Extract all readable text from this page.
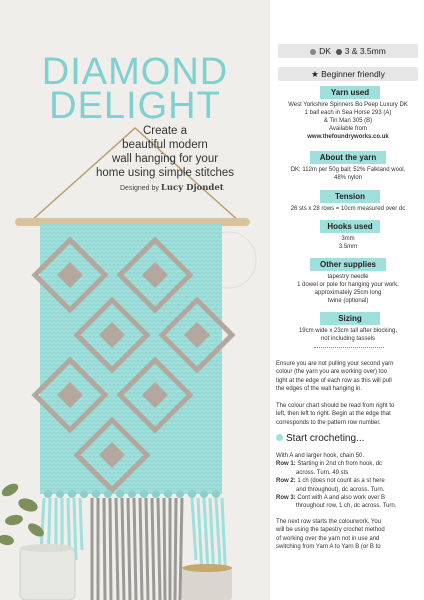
DIAMOND
DELIGHT
Create a
beautiful modern
wall hanging for your
home using simple stitches
Designed by Lucy Djondet
DK 3 & 3.5mm
★ Beginner friendly
Yarn used
West Yorkshire Spinners Bo Peep Luxury DK
1 ball each in Sea Horse 293 (A)
& Tin Man 305 (B)
Available from
www.thefoundryworks.co.uk
About the yarn
DK; 112m per 50g ball; 52% Falkland wool,
48% nylon
Tension
26 sts x 28 rows = 10cm measured over dc
Hooks used
3mm
3.5mm
Other supplies
tapestry needle
1 dowel or pole for hanging your work,
approximately 25cm long
twine (optional)
Sizing
19cm wide x 23cm tall after blocking,
not including tassels
Ensure you are not pulling your second yarn
colour (the yarn you are working over) too
tight at the edge of each row as this will pull
the edges of the wall hanging in.
The colour chart should be read from right to
left, then left to right. Begin at the edge that
corresponds to the pattern row number.
Start crocheting...
With A and larger hook, chain 50.
Row 1: Starting in 2nd ch from hook, dc
across. Turn. 49 sts
Row 2: 1 ch (does not count as a st here
and throughout), dc across. Turn.
Row 3: Cont with A and also work over B
throughout row, 1 ch, dc across. Turn.
The next row starts the colourwork. You
will be using the tapestry crochet method
of working over the yarn not in use and
switching from Yarn A to Yarn B (or B to
